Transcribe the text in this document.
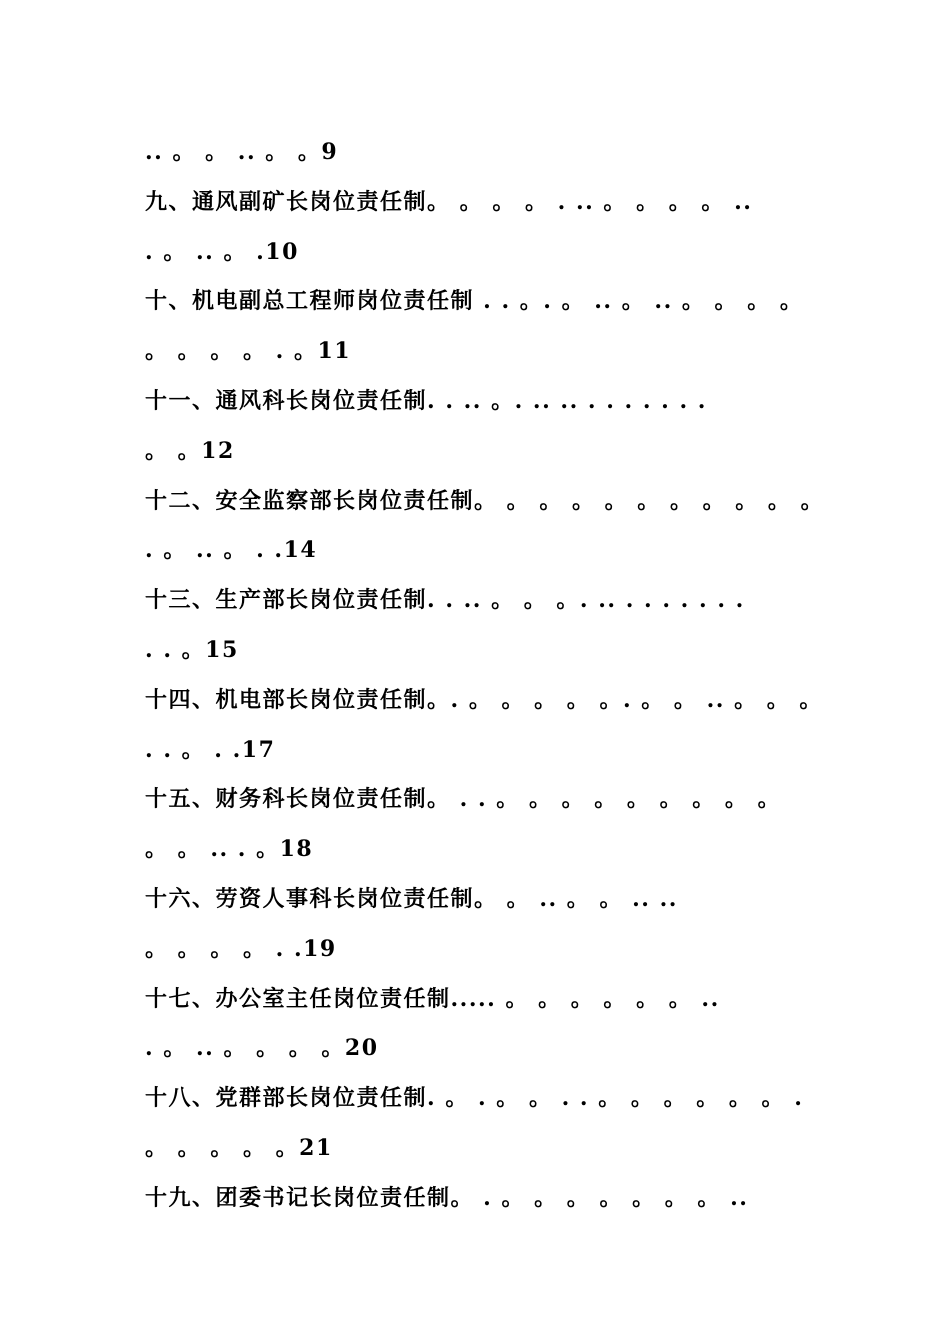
.. 。 。 .. 。 。9
九、通风副矿长岗位责任制。 。 。 。 . .. 。 。 。 。 ..
. 。 .. 。 .10
十、机电副总工程师岗位责任制 . . 。. 。 .. 。 .. 。 。 。 。
。 。 。 。 . 。11
十一、通风科长岗位责任制. . .. 。. .. .. . . . . . . .
。 。12
十二、安全监察部长岗位责任制。 。 。 。 。 。 。 。 。 。 。
. 。 .. 。 . .14
十三、生产部长岗位责任制. . .. 。 。 。. .. . . . . . . .
. . 。15
十四、机电部长岗位责任制。. 。 。 。 。 。. 。 。 .. 。 。 。
. . 。 . .17
十五、财务科长岗位责任制。 . . 。 。 。 。 。 。 。 。 。
。 。 .. . 。18
十六、劳资人事科长岗位责任制。 。 .. 。 。 .. ..
。 。 。 。 . .19
十七、办公室主任岗位责任制..... 。 。 。 。 。 。 ..
. 。 .. 。 。 。 。20
十八、党群部长岗位责任制. 。 . 。 。 . . 。 。 。 。 。 。 .
。 。 。 。 。21
十九、团委书记长岗位责任制。 . 。 。 。 。 。 。 。 ..
